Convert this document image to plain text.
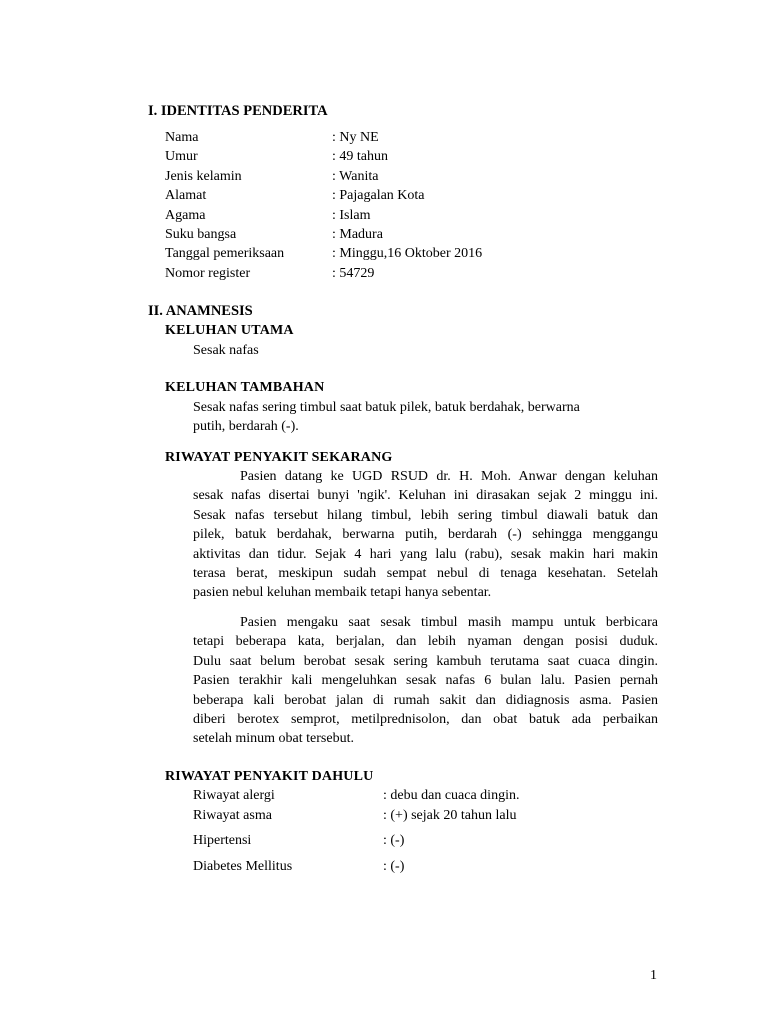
I. IDENTITAS PENDERITA
Nama	: Ny NE
Umur	: 49 tahun
Jenis kelamin	: Wanita
Alamat	: Pajagalan Kota
Agama	: Islam
Suku bangsa	: Madura
Tanggal pemeriksaan	: Minggu,16 Oktober 2016
Nomor register	: 54729
II. ANAMNESIS
KELUHAN UTAMA
Sesak nafas
KELUHAN TAMBAHAN
Sesak nafas sering timbul saat batuk pilek, batuk berdahak, berwarna
putih, berdarah (-).
RIWAYAT PENYAKIT SEKARANG
Pasien datang ke UGD RSUD dr. H. Moh. Anwar dengan keluhan
sesak nafas disertai bunyi 'ngik'. Keluhan ini dirasakan sejak 2 minggu ini.
Sesak nafas tersebut hilang timbul, lebih sering timbul diawali batuk dan
pilek, batuk berdahak, berwarna putih, berdarah (-) sehingga menggangu
aktivitas dan tidur. Sejak 4 hari yang lalu (rabu), sesak makin hari makin
terasa berat, meskipun sudah sempat nebul di tenaga kesehatan. Setelah
pasien nebul keluhan membaik tetapi hanya sebentar.
Pasien mengaku saat sesak timbul masih mampu untuk berbicara
tetapi beberapa kata, berjalan, dan lebih nyaman dengan posisi duduk.
Dulu saat belum berobat sesak sering kambuh terutama saat cuaca dingin.
Pasien terakhir kali mengeluhkan sesak nafas 6 bulan lalu. Pasien pernah
beberapa kali berobat jalan di rumah sakit dan didiagnosis asma. Pasien
diberi berotex semprot, metilprednisolon, dan obat batuk ada perbaikan
setelah minum obat tersebut.
RIWAYAT PENYAKIT DAHULU
Riwayat alergi	: debu dan cuaca dingin.
Riwayat asma	: (+) sejak 20 tahun lalu
Hipertensi	: (-)
Diabetes Mellitus	: (-)
1
